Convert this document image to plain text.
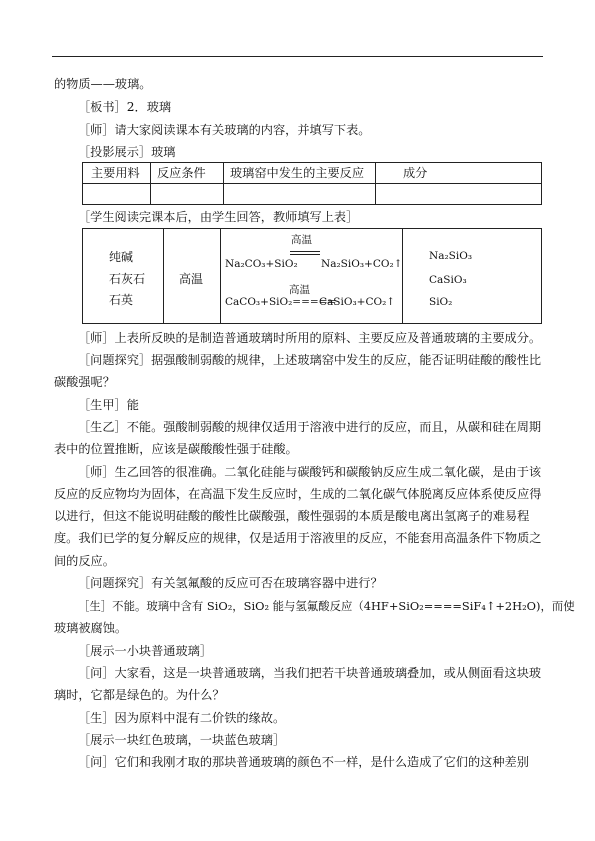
的物质——玻璃。
［板书］2．玻璃
［师］请大家阅读课本有关玻璃的内容，并填写下表。
［投影展示］玻璃
主要用料 反应条件 玻璃窑中发生的主要反应	成分
［学生阅读完课本后，由学生回答，教师填写上表］
纯碱
石灰石
石英
高温
高温
Na₂CO₃+SiO₂ Na₂SiO₃+CO₂↑
高温
CaCO₃+SiO₂=====
CaSiO₃+CO₂↑
Na₂SiO₃
CaSiO₃
SiO₂
［师］上表所反映的是制造普通玻璃时所用的原料、主要反应及普通玻璃的主要成分。
［问题探究］据强酸制弱酸的规律，上述玻璃窑中发生的反应，能否证明硅酸的酸性比
碳酸强呢？
［生甲］能
［生乙］不能。强酸制弱酸的规律仅适用于溶液中进行的反应，而且，从碳和硅在周期
表中的位置推断，应该是碳酸酸性强于硅酸。
［师］生乙回答的很准确。二氧化硅能与碳酸钙和碳酸钠反应生成二氧化碳，是由于该
反应的反应物均为固体，在高温下发生反应时，生成的二氧化碳气体脱离反应体系使反应得
以进行，但这不能说明硅酸的酸性比碳酸强，酸性强弱的本质是酸电离出氢离子的难易程
度。我们已学的复分解反应的规律，仅是适用于溶液里的反应，不能套用高温条件下物质之
间的反应。
［问题探究］有关氢氟酸的反应可否在玻璃容器中进行？
［生］不能。玻璃中含有 SiO₂，SiO₂ 能与氢氟酸反应（4HF+SiO₂====SiF₄↑+2H₂O)，而使
玻璃被腐蚀。
［展示一小块普通玻璃］
［问］大家看，这是一块普通玻璃，当我们把若干块普通玻璃叠加，或从侧面看这块玻
璃时，它都是绿色的。为什么？
［生］因为原料中混有二价铁的缘故。
［展示一块红色玻璃，一块蓝色玻璃］
［问］它们和我刚才取的那块普通玻璃的颜色不一样，是什么造成了它们的这种差别
